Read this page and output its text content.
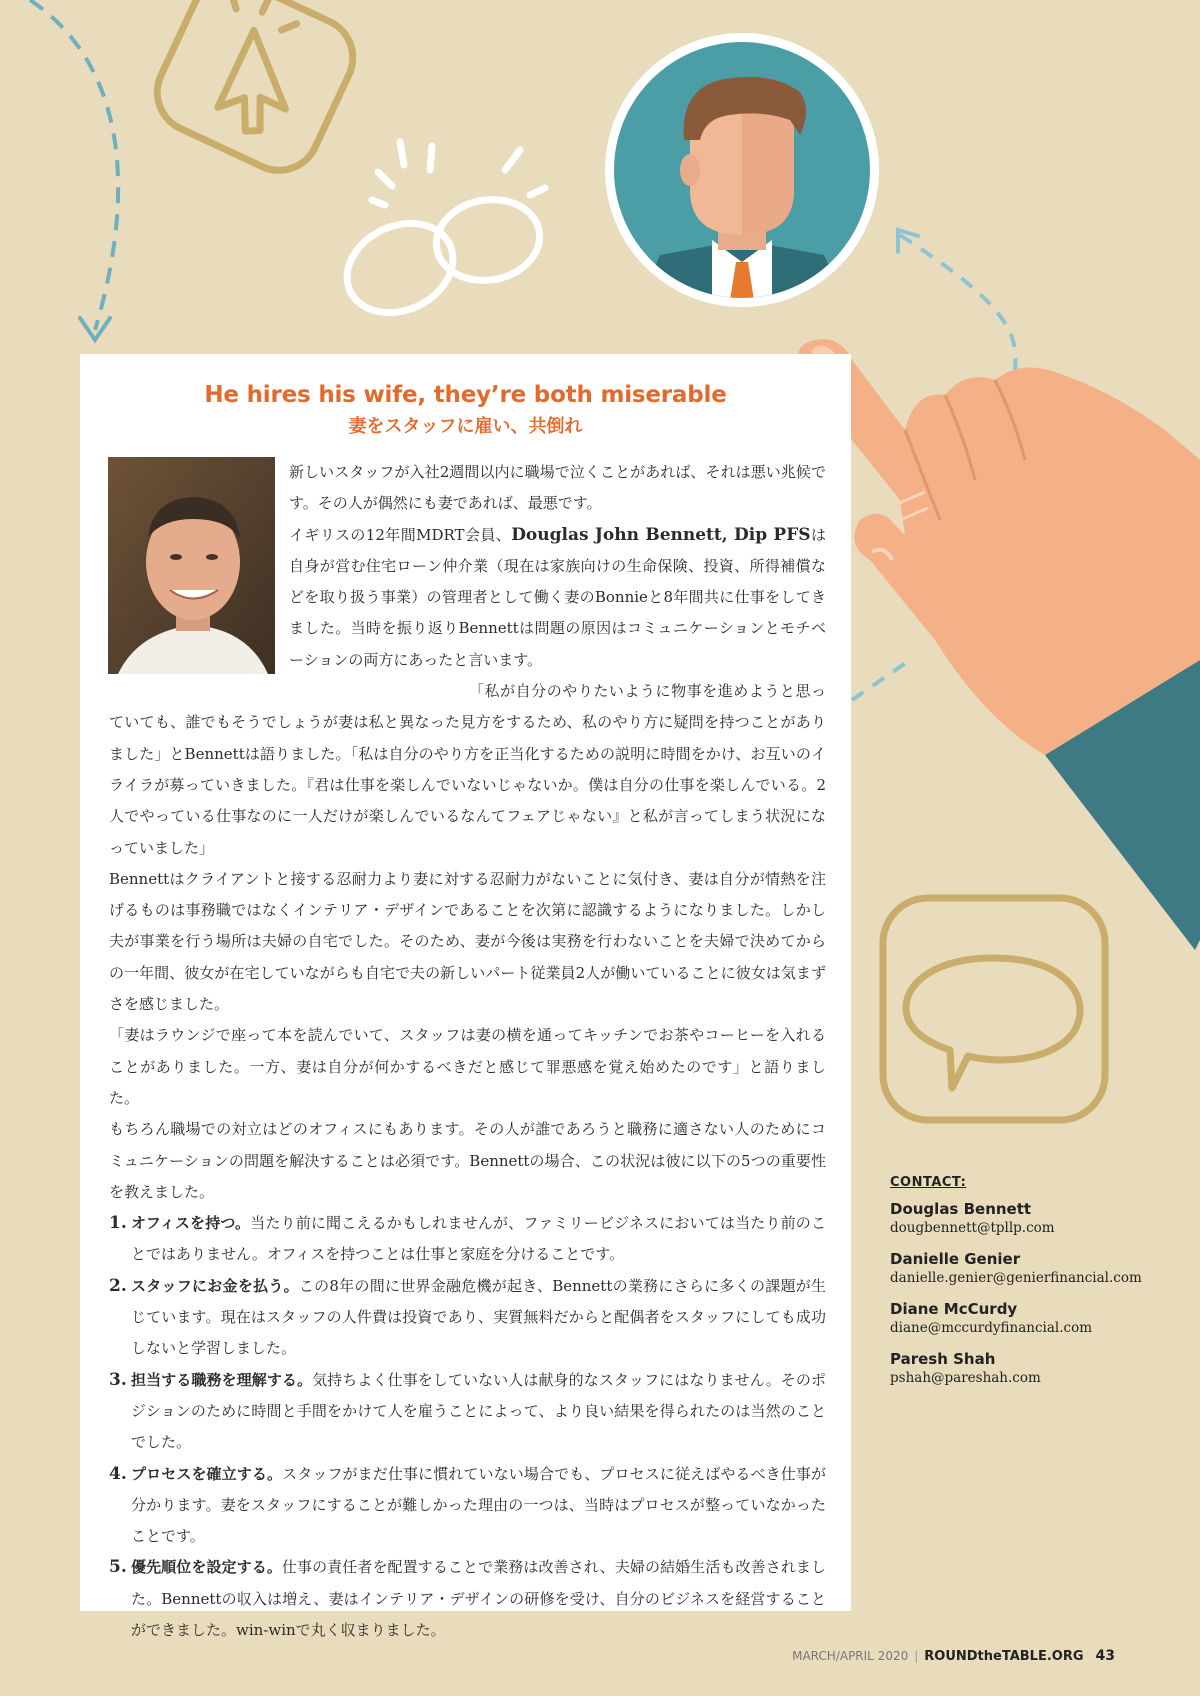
He hires his wife, they’re both miserable
妻をスタッフに雇い、共倒れ

新しいスタッフが入社2週間以内に職場で泣くことがあれば、それは悪い兆候です。その人が偶然にも妻であれば、最悪です。

イギリスの12年間MDRT会員、Douglas John Bennett, Dip PFSは自身が営む住宅ローン仲介業（現在は家族向けの生命保険、投資、所得補償などを取り扱う事業）の管理者として働く妻のBonnieと8年間共に仕事をしてきました。当時を振り返りBennettは問題の原因はコミュニケーションとモチベーションの両方にあったと言います。

「私が自分のやりたいように物事を進めようと思っていても、誰でもそうでしょうが妻は私と異なった見方をするため、私のやり方に疑問を持つことがありました」とBennettは語りました。「私は自分のやり方を正当化するための説明に時間をかけ、お互いのイライラが募っていきました。『君は仕事を楽しんでいないじゃないか。僕は自分の仕事を楽しんでいる。2人でやっている仕事なのに一人だけが楽しんでいるなんてフェアじゃない』と私が言ってしまう状況になっていました」

Bennettはクライアントと接する忍耐力より妻に対する忍耐力がないことに気付き、妻は自分が情熱を注げるものは事務職ではなくインテリア・デザインであることを次第に認識するようになりました。しかし夫が事業を行う場所は夫婦の自宅でした。そのため、妻が今後は実務を行わないことを夫婦で決めてからの一年間、彼女が在宅していながらも自宅で夫の新しいパート従業員2人が働いていることに彼女は気まずさを感じました。

「妻はラウンジで座って本を読んでいて、スタッフは妻の横を通ってキッチンでお茶やコーヒーを入れることがありました。一方、妻は自分が何かするべきだと感じて罪悪感を覚え始めたのです」と語りました。

もちろん職場での対立はどのオフィスにもあります。その人が誰であろうと職務に適さない人のためにコミュニケーションの問題を解決することは必須です。Bennettの場合、この状況は彼に以下の5つの重要性を教えました。

1. オフィスを持つ。当たり前に聞こえるかもしれませんが、ファミリービジネスにおいては当たり前のことではありません。オフィスを持つことは仕事と家庭を分けることです。
2. スタッフにお金を払う。この8年の間に世界金融危機が起き、Bennettの業務にさらに多くの課題が生じています。現在はスタッフの人件費は投資であり、実質無料だからと配偶者をスタッフにしても成功しないと学習しました。
3. 担当する職務を理解する。気持ちよく仕事をしていない人は献身的なスタッフにはなりません。そのポジションのために時間と手間をかけて人を雇うことによって、より良い結果を得られたのは当然のことでした。
4. プロセスを確立する。スタッフがまだ仕事に慣れていない場合でも、プロセスに従えばやるべき仕事が分かります。妻をスタッフにすることが難しかった理由の一つは、当時はプロセスが整っていなかったことです。
5. 優先順位を設定する。仕事の責任者を配置することで業務は改善され、夫婦の結婚生活も改善されました。Bennettの収入は増え、妻はインテリア・デザインの研修を受け、自分のビジネスを経営することができました。win-winで丸く収まりました。
CONTACT:
Douglas Bennett
dougbennett@tpllp.com
Danielle Genier
danielle.genier@genierfinancial.com
Diane McCurdy
diane@mccurdyfinancial.com
Paresh Shah
pshah@pareshah.com
MARCH/APRIL 2020 | ROUNDtheTABLE.ORG 43
